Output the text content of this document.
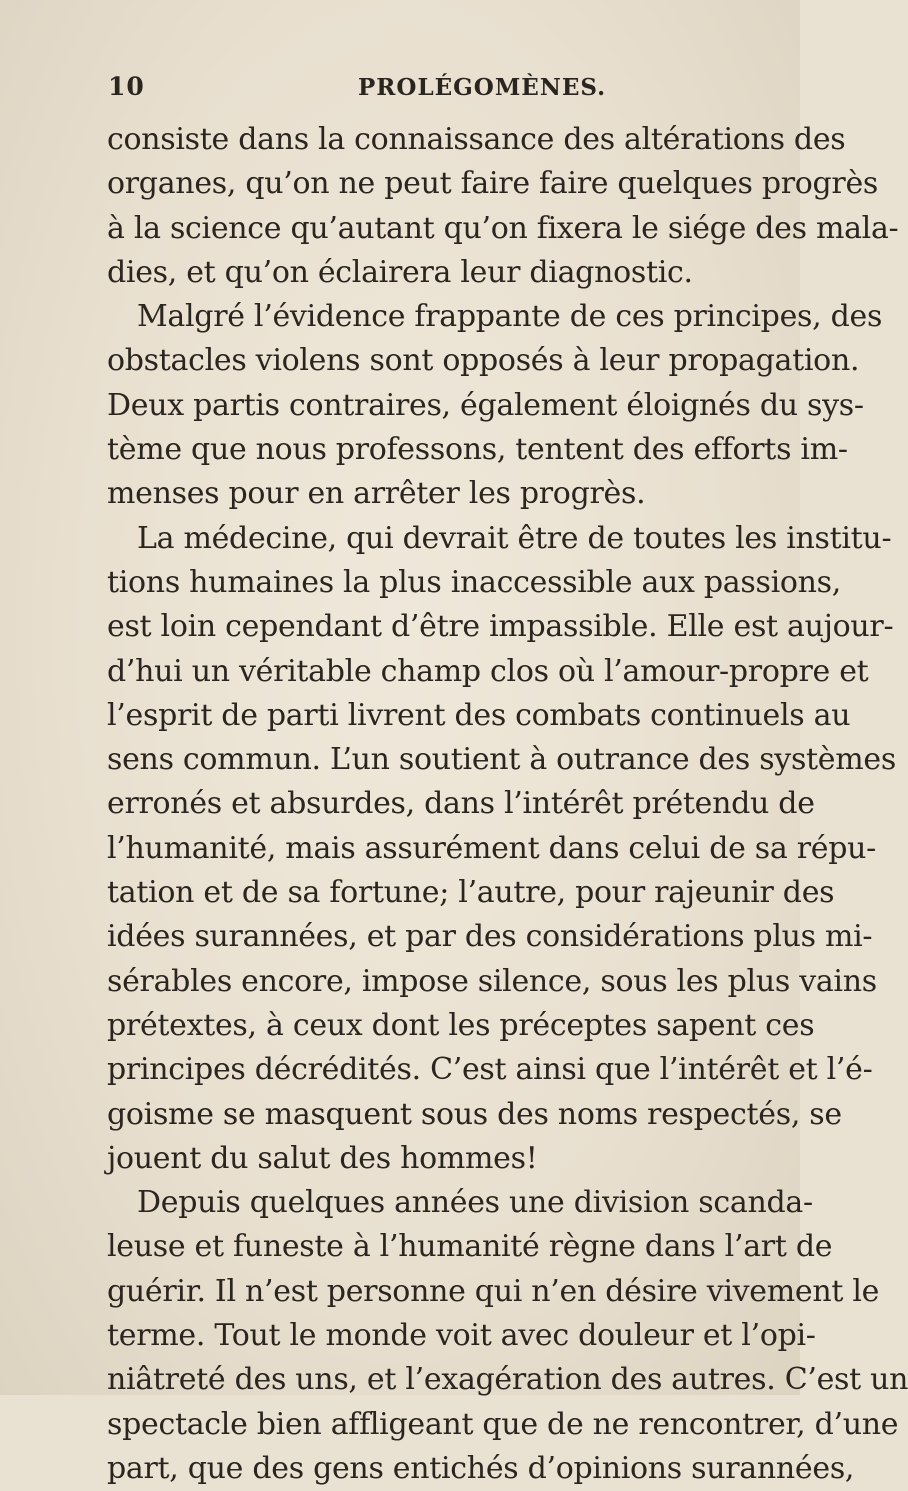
10	PROLÉGOMÈNES.
consiste dans la connaissance des altérations des
organes, qu’on ne peut faire faire quelques progrès
à la science qu’autant qu’on fixera le siége des mala-
dies, et qu’on éclairera leur diagnostic.
Malgré l’évidence frappante de ces principes, des
obstacles violens sont opposés à leur propagation.
Deux partis contraires, également éloignés du sys-
tème que nous professons, tentent des efforts im-
menses pour en arrêter les progrès.
La médecine, qui devrait être de toutes les institu-
tions humaines la plus inaccessible aux passions,
est loin cependant d’être impassible. Elle est aujour-
d’hui un véritable champ clos où l’amour-propre et
l’esprit de parti livrent des combats continuels au
sens commun. L’un soutient à outrance des systèmes
erronés et absurdes, dans l’intérêt prétendu de
l’humanité, mais assurément dans celui de sa répu-
tation et de sa fortune; l’autre, pour rajeunir des
idées surannées, et par des considérations plus mi-
sérables encore, impose silence, sous les plus vains
prétextes, à ceux dont les préceptes sapent ces
principes décrédités. C’est ainsi que l’intérêt et l’é-
goisme se masquent sous des noms respectés, se
jouent du salut des hommes!
Depuis quelques années une division scanda-
leuse et funeste à l’humanité règne dans l’art de
guérir. Il n’est personne qui n’en désire vivement le
terme. Tout le monde voit avec douleur et l’opi-
niâtreté des uns, et l’exagération des autres. C’est un
spectacle bien affligeant que de ne rencontrer, d’une
part, que des gens entichés d’opinions surannées,
